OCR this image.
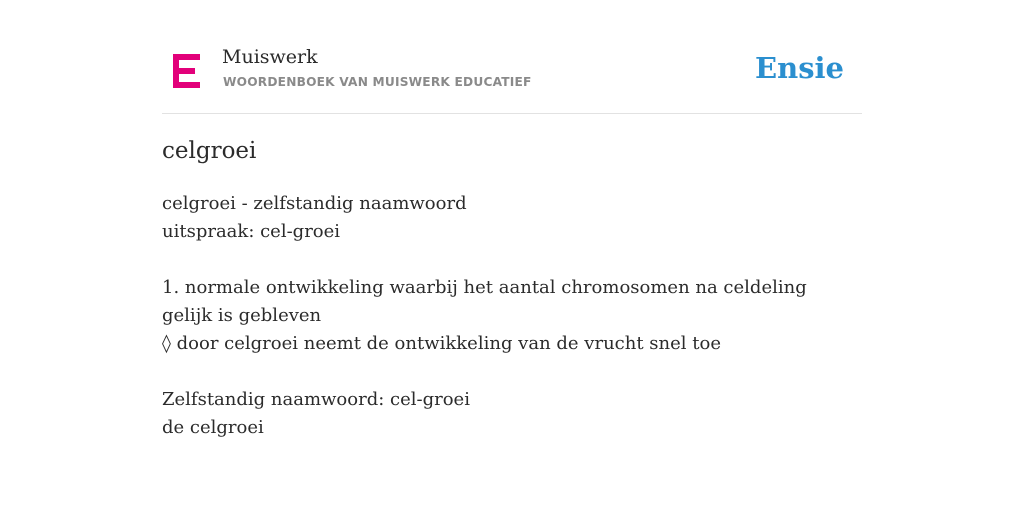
Muiswerk
WOORDENBOEK VAN MUISWERK EDUCATIEF	Ensie
celgroei
celgroei - zelfstandig naamwoord
uitspraak: cel-groei
1. normale ontwikkeling waarbij het aantal chromosomen na celdeling gelijk is gebleven
◊ door celgroei neemt de ontwikkeling van de vrucht snel toe
Zelfstandig naamwoord: cel-groei
de celgroei
